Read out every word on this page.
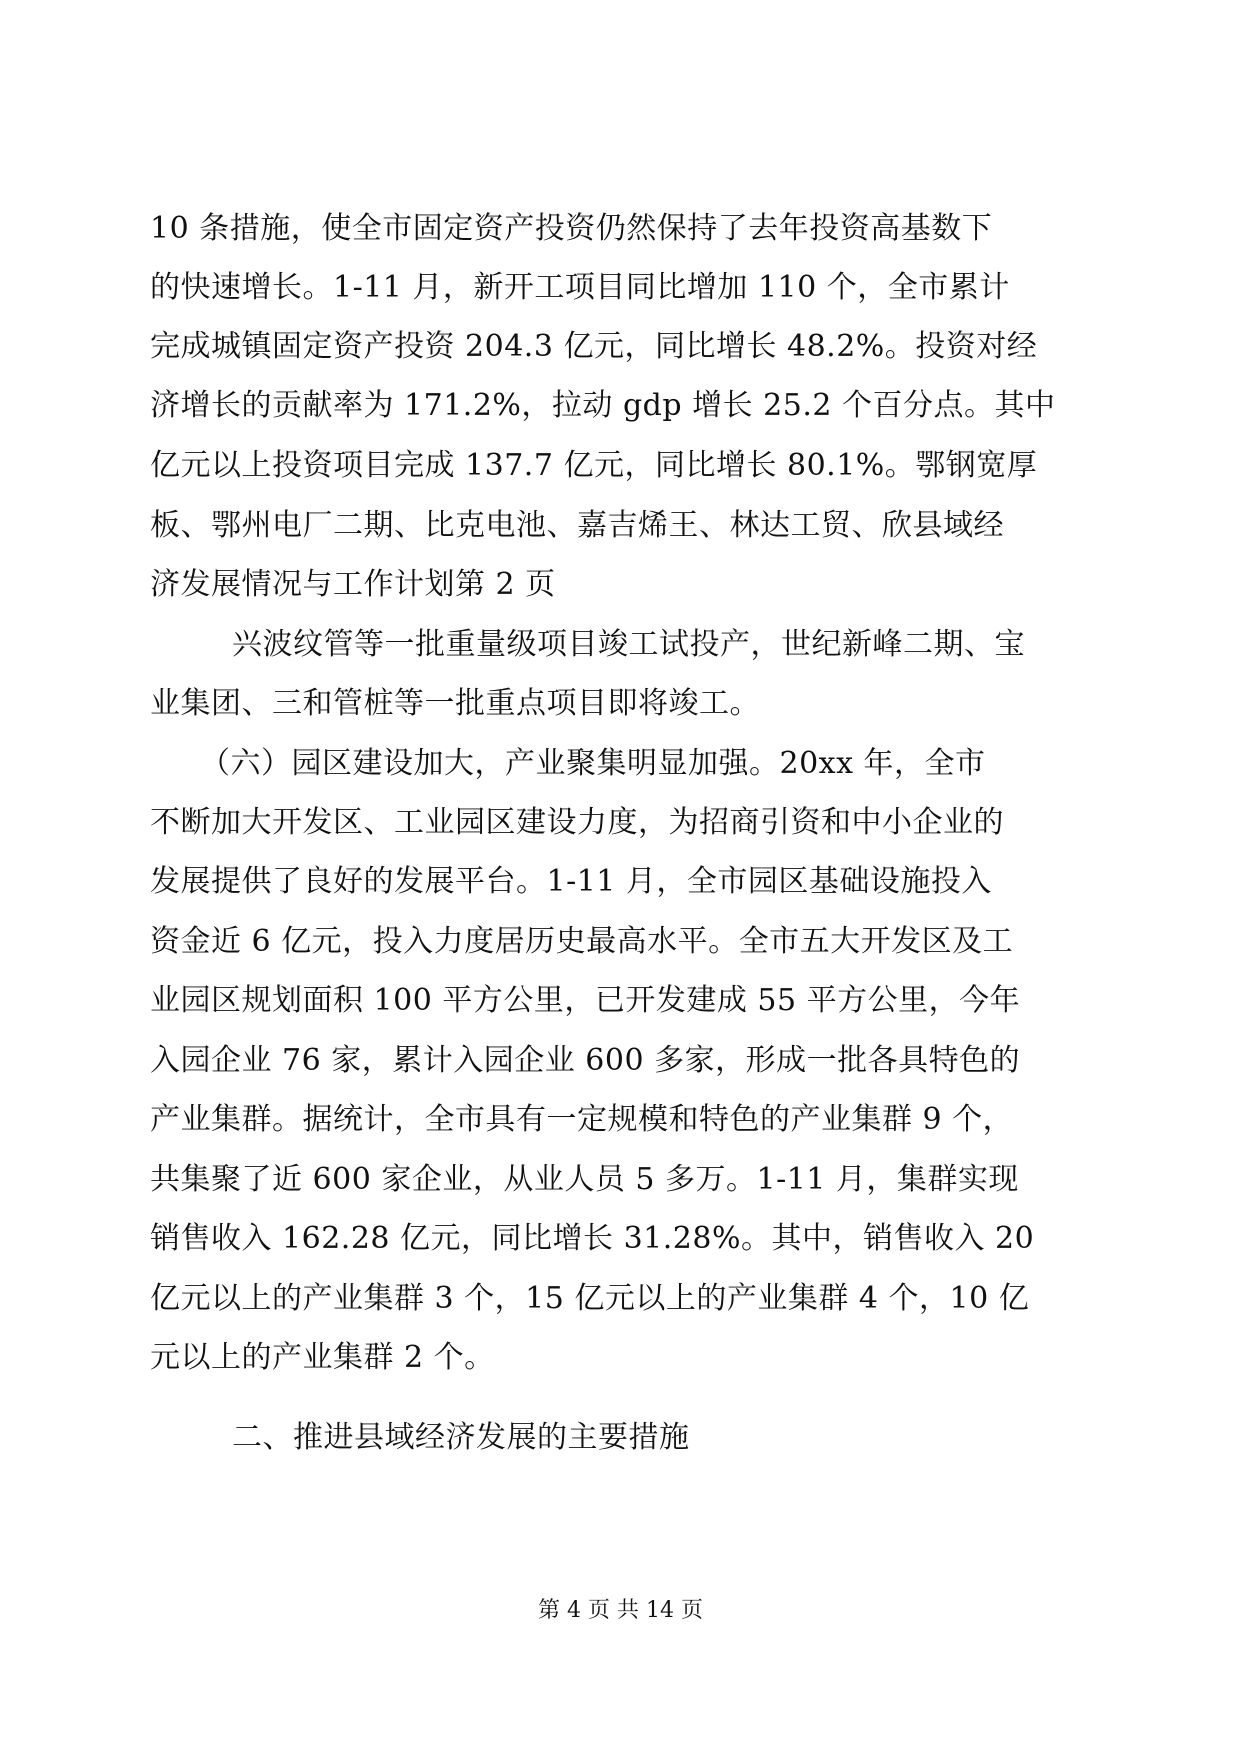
10 条措施，使全市固定资产投资仍然保持了去年投资高基数下
的快速增长。1-11 月，新开工项目同比增加 110 个，全市累计
完成城镇固定资产投资 204.3 亿元，同比增长 48.2%。投资对经
济增长的贡献率为 171.2%，拉动 gdp 增长 25.2 个百分点。其中
亿元以上投资项目完成 137.7 亿元，同比增长 80.1%。鄂钢宽厚
板、鄂州电厂二期、比克电池、嘉吉烯王、林达工贸、欣县域经
济发展情况与工作计划第 2 页
兴波纹管等一批重量级项目竣工试投产，世纪新峰二期、宝
业集团、三和管桩等一批重点项目即将竣工。
（六）园区建设加大，产业聚集明显加强。20xx 年，全市
不断加大开发区、工业园区建设力度，为招商引资和中小企业的
发展提供了良好的发展平台。1-11 月，全市园区基础设施投入
资金近 6 亿元，投入力度居历史最高水平。全市五大开发区及工
业园区规划面积 100 平方公里，已开发建成 55 平方公里，今年
入园企业 76 家，累计入园企业 600 多家，形成一批各具特色的
产业集群。据统计，全市具有一定规模和特色的产业集群 9 个，
共集聚了近 600 家企业，从业人员 5 多万。1-11 月，集群实现
销售收入 162.28 亿元，同比增长 31.28%。其中，销售收入 20
亿元以上的产业集群 3 个，15 亿元以上的产业集群 4 个，10 亿
元以上的产业集群 2 个。
二、推进县域经济发展的主要措施
第 4 页 共 14 页
